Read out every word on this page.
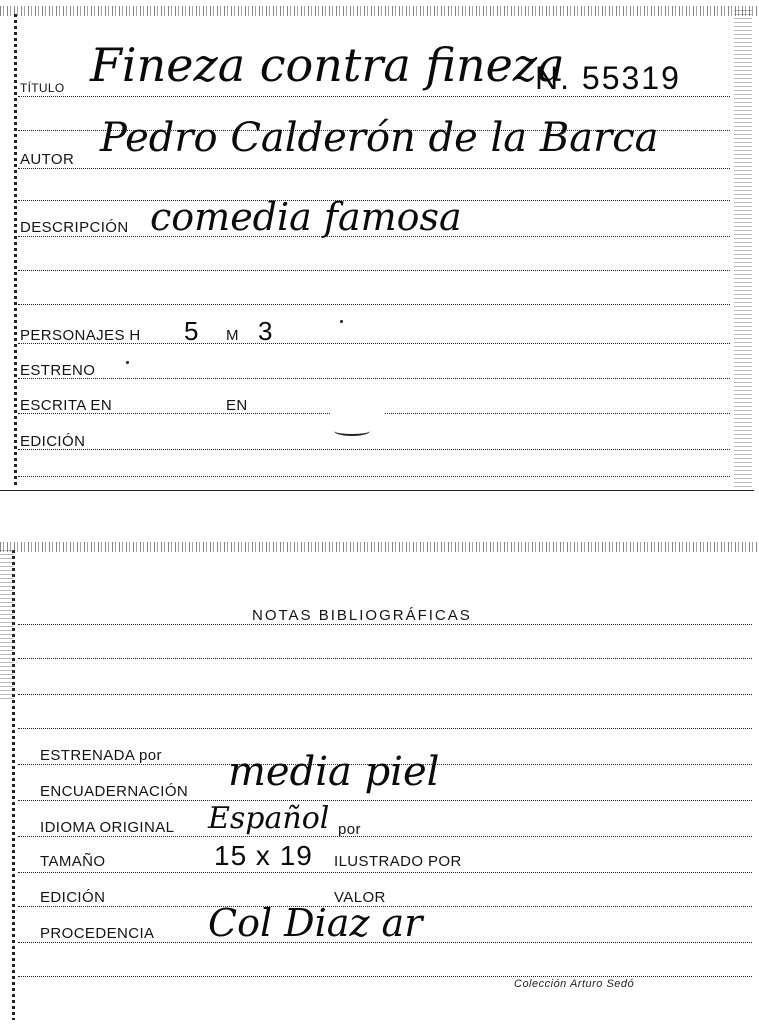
TÍTULO Fineza contra fineza
N. 55319
AUTOR Pedro Calderón de la Barca
DESCRIPCIÓN comedia famosa
PERSONAJES H 5 M 3
ESTRENO
ESCRITA EN	EN
EDICIÓN
NOTAS BIBLIOGRÁFICAS
ESTRENADA por
ENCUADERNACIÓN media piel
IDIOMA ORIGINAL Español por
TAMAÑO	15 x 19 ILUSTRADO POR
EDICIÓN	VALOR
PROCEDENCIA Col Diaz ar
Colección Arturo Sedó
